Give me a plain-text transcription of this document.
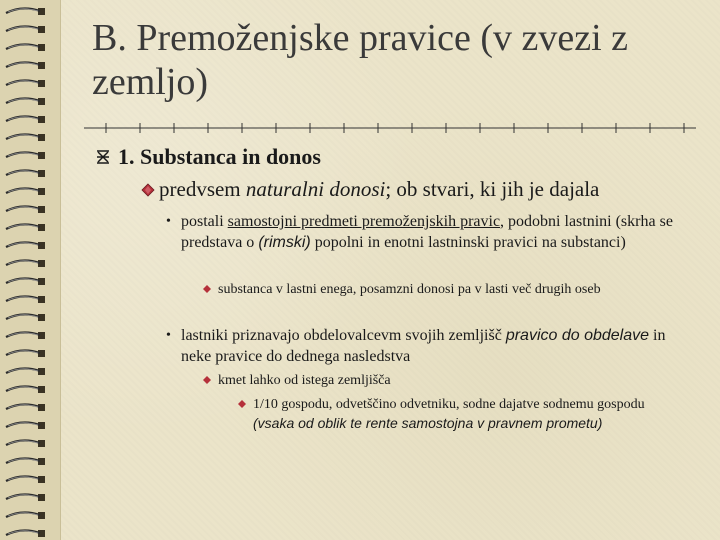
B. Premoženjske pravice (v zvezi z zemljo)
1. Substanca in donos
predvsem naturalni donosi; ob stvari, ki jih je dajala
• postali samostojni predmeti premoženjskih pravic, podobni lastnini (skrha se predstava o (rimski) popolni in enotni lastninski pravici na substanci)
substanca v lastni enega, posamzni donosi pa v lasti več drugih oseb
• lastniki priznavajo obdelovalcevm svojih zemljišč pravico do obdelave in neke pravice do dednega nasledstva
kmet lahko od istega zemljišča
1/10 gospodu, odvetščino odvetniku, sodne dajatve sodnemu gospodu (vsaka od oblik te rente samostojna v pravnem prometu)
